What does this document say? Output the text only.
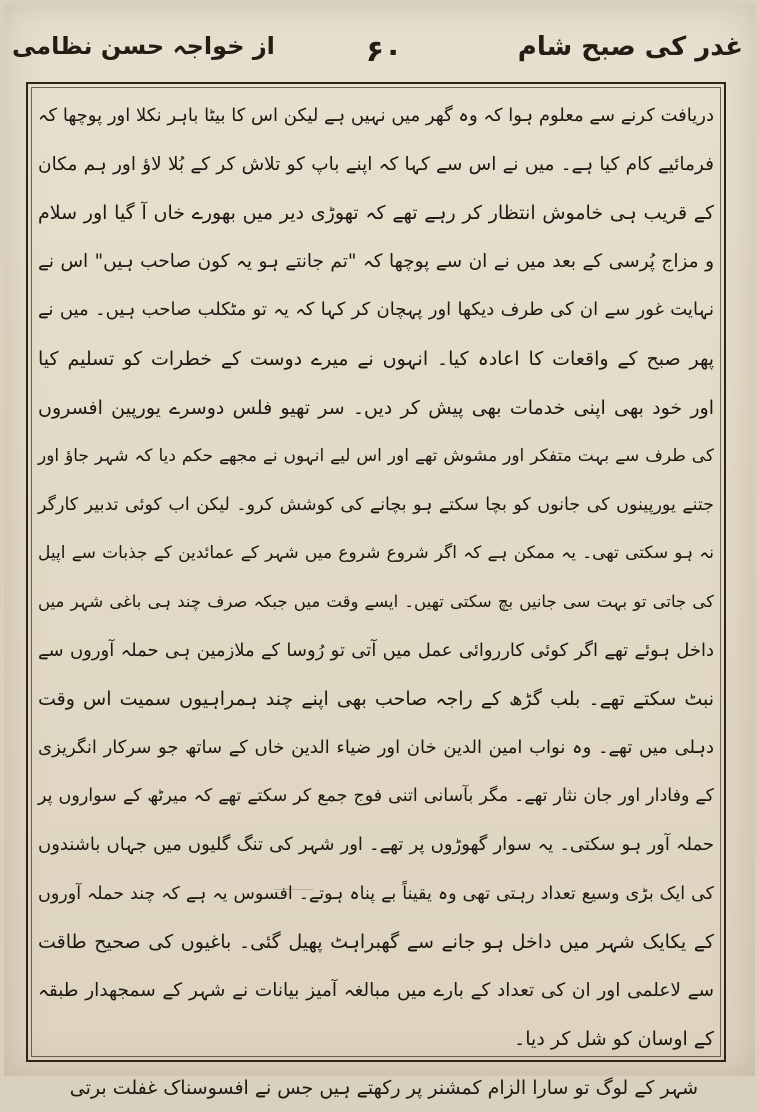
از خواجہ حسن نظامی	۶۰	غدر کی صبح شام
دریافت کرنے سے معلوم ہوا کہ وہ گھر میں نہیں ہے لیکن اس کا بیٹا باہر نکلا اور پوچھا کہ
فرمائیے کام کیا ہے۔ میں نے اس سے کہا کہ اپنے باپ کو تلاش کر کے بُلا لاؤ اور ہم مکان
کے قریب ہی خاموش انتظار کر رہے تھے کہ تھوڑی دیر میں بھورے خاں آ گیا اور سلام
و مزاج پُرسی کے بعد میں نے ان سے پوچھا کہ "تم جانتے ہو یہ کون صاحب ہیں" اس نے
نہایت غور سے ان کی طرف دیکھا اور پہچان کر کہا کہ یہ تو مٹکلب صاحب ہیں۔ میں نے
پھر صبح کے واقعات کا اعادہ کیا۔ انہوں نے میرے دوست کے خطرات کو تسلیم کیا
اور خود بھی اپنی خدمات بھی پیش کر دیں۔ سر تھیو فلس دوسرے یورپین افسروں
کی طرف سے بہت متفکر اور مشوش تھے اور اس لیے انہوں نے مجھے حکم دیا کہ شہر جاؤ اور
جتنے یورپینوں کی جانوں کو بچا سکتے ہو بچانے کی کوشش کرو۔ لیکن اب کوئی تدبیر کارگر
نہ ہو سکتی تھی۔ یہ ممکن ہے کہ اگر شروع شروع میں شہر کے عمائدین کے جذبات سے اپیل
کی جاتی تو بہت سی جانیں بچ سکتی تھیں۔ ایسے وقت میں جبکہ صرف چند ہی باغی شہر میں
داخل ہوئے تھے اگر کوئی کارروائی عمل میں آتی تو رُوسا کے ملازمین ہی حملہ آوروں سے
نبٹ سکتے تھے۔ بلب گڑھ کے راجہ صاحب بھی اپنے چند ہمراہیوں سمیت اس وقت
دہلی میں تھے۔ وہ نواب امین الدین خان اور ضیاء الدین خاں کے ساتھ جو سرکار انگریزی
کے وفادار اور جان نثار تھے۔ مگر بآسانی اتنی فوج جمع کر سکتے تھے کہ میرٹھ کے سواروں پر
حملہ آور ہو سکتی۔ یہ سوار گھوڑوں پر تھے۔ اور شہر کی تنگ گلیوں میں جہاں باشندوں
کی ایک بڑی وسیع تعداد رہتی تھی وہ یقیناً بے پناہ ہوتے۔ افسوس یہ ہے کہ چند حملہ آوروں
کے یکایک شہر میں داخل ہو جانے سے گھبراہٹ پھیل گئی۔ باغیوں کی صحیح طاقت
سے لاعلمی اور ان کی تعداد کے بارے میں مبالغہ آمیز بیانات نے شہر کے سمجھدار طبقہ
کے اوسان کو شل کر دیا۔
شہر کے لوگ تو سارا الزام کمشنر پر رکھتے ہیں جس نے افسوسناک غفلت برتی
